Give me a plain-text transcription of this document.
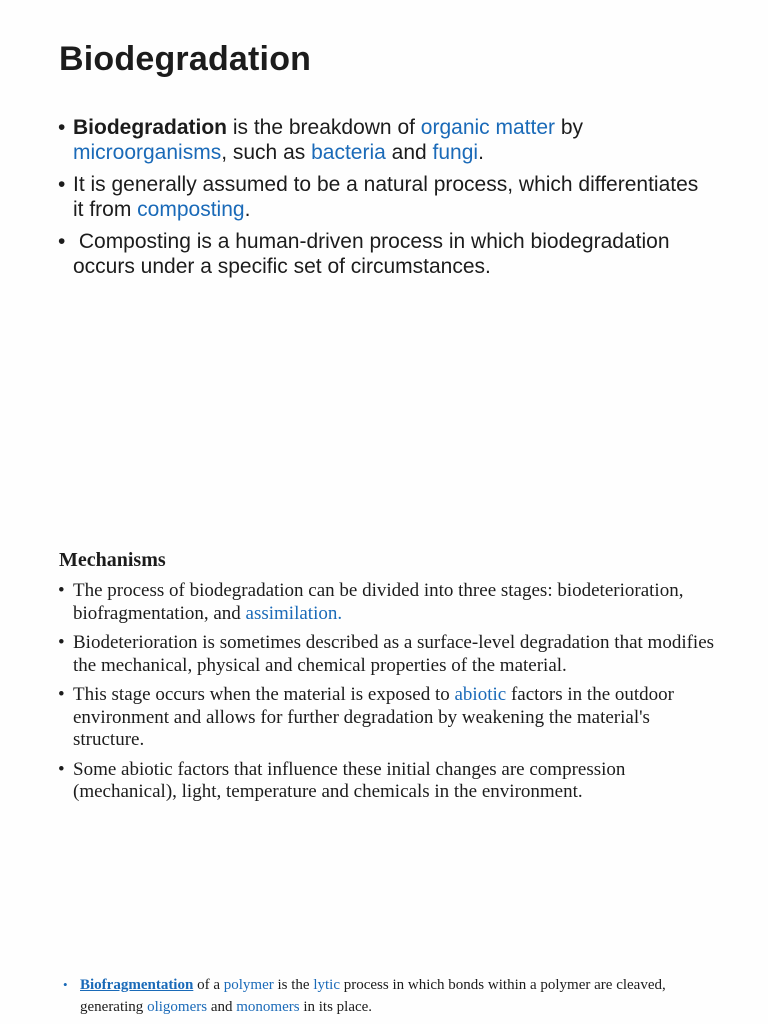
Biodegradation
• Biodegradation is the breakdown of organic matter by microorganisms, such as bacteria and fungi.
• It is generally assumed to be a natural process, which differentiates it from composting.
• Composting is a human-driven process in which biodegradation occurs under a specific set of circumstances.
Mechanisms
• The process of biodegradation can be divided into three stages: biodeterioration, biofragmentation, and assimilation.
• Biodeterioration is sometimes described as a surface-level degradation that modifies the mechanical, physical and chemical properties of the material.
• This stage occurs when the material is exposed to abiotic factors in the outdoor environment and allows for further degradation by weakening the material's structure.
• Some abiotic factors that influence these initial changes are compression (mechanical), light, temperature and chemicals in the environment.
• Biofragmentation of a polymer is the lytic process in which bonds within a polymer are cleaved, generating oligomers and monomers in its place.
